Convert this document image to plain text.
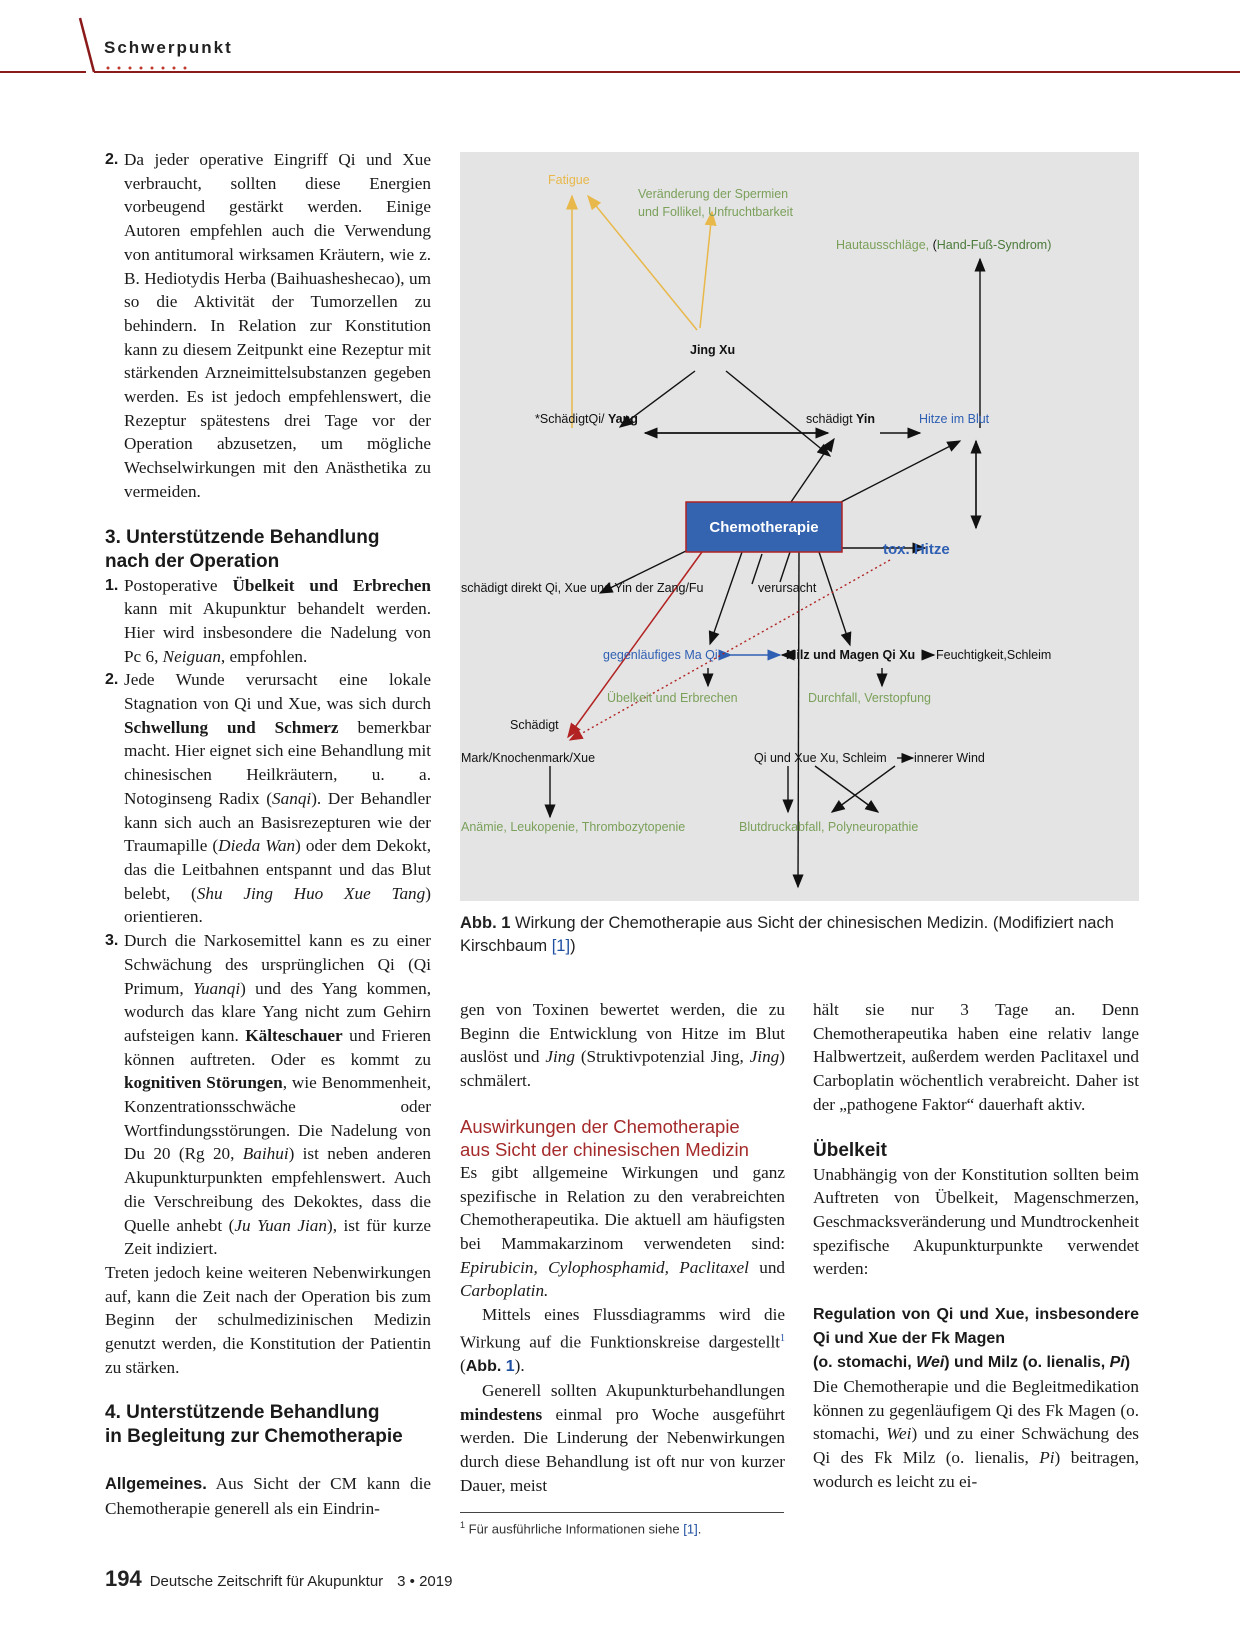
Schwerpunkt
2. Da jeder operative Eingriff Qi und Xue verbraucht, sollten diese Energien vorbeugend gestärkt werden. Einige Autoren empfehlen auch die Verwendung von antitumoral wirksamen Kräutern, wie z. B. Hediotydis Herba (Baihuasheshecao), um so die Aktivität der Tumorzellen zu behindern. In Relation zur Konstitution kann zu diesem Zeitpunkt eine Rezeptur mit stärkenden Arzneimittelsubstanzen gegeben werden. Es ist jedoch empfehlenswert, die Rezeptur spätestens drei Tage vor der Operation abzusetzen, um mögliche Wechselwirkungen mit den Anästhetika zu vermeiden.
3. Unterstützende Behandlung
nach der Operation
1. Postoperative Übelkeit und Erbrechen kann mit Akupunktur behandelt werden. Hier wird insbesondere die Nadelung von Pc 6, Neiguan, empfohlen.
2. Jede Wunde verursacht eine lokale Stagnation von Qi und Xue, was sich durch Schwellung und Schmerz bemerkbar macht. Hier eignet sich eine Behandlung mit chinesischen Heilkräutern, u. a. Notoginseng Radix (Sanqi). Der Behandler kann sich auch an Basisrezepturen wie der Traumapille (Dieda Wan) oder dem Dekokt, das die Leitbahnen entspannt und das Blut belebt, (Shu Jing Huo Xue Tang) orientieren.
3. Durch die Narkosemittel kann es zu einer Schwächung des ursprünglichen Qi (Qi Primum, Yuanqi) und des Yang kommen, wodurch das klare Yang nicht zum Gehirn aufsteigen kann. Kälteschauer und Frieren können auftreten. Oder es kommt zu kognitiven Störungen, wie Benommenheit, Konzentrationsschwäche oder Wortfindungsstörungen. Die Nadelung von Du 20 (Rg 20, Baihui) ist neben anderen Akupunkturpunkten empfehlenswert. Auch die Verschreibung des Dekoktes, dass die Quelle anhebt (Ju Yuan Jian), ist für kurze Zeit indiziert.

Treten jedoch keine weiteren Nebenwirkungen auf, kann die Zeit nach der Operation bis zum Beginn der schulmedizinischen Medizin genutzt werden, die Konstitution der Patientin zu stärken.

4. Unterstützende Behandlung
in Begleitung zur Chemotherapie

Allgemeines. Aus Sicht der CM kann die Chemotherapie generell als ein Eindrin-

Chemotherapie
Fatigue
Veränderung der Spermien
und Follikel, Unfruchtbarkeit
Hautausschläge, (Hand-Fuß-Syndrom)
Jing Xu
*SchädigtQi/ Yang	schädigt Yin	Hitze im Blut
tox. Hitze
schädigt direkt Qi, Xue und Yin der Zang/Fu	verursacht
gegenläufiges Ma Qi	Milz und Magen Qi Xu Feuchtigkeit,Schleim
Übelkeit und Erbrechen	Durchfall, Verstopfung
Schädigt
Mark/Knochenmark/Xue	Qi und Xue Xu, Schleim innerer Wind
Anämie, Leukopenie, Thrombozytopenie	Blutdruckabfall, Polyneuropathie
Abb. 1 Wirkung der Chemotherapie aus Sicht der chinesischen Medizin. (Modifiziert nach Kirschbaum [1])

gen von Toxinen bewertet werden, die zu Beginn die Entwicklung von Hitze im Blut auslöst und Jing (Struktivpotenzial Jing, Jing) schmälert.

Auswirkungen der Chemotherapie
aus Sicht der chinesischen Medizin

Es gibt allgemeine Wirkungen und ganz spezifische in Relation zu den verabreichten Chemotherapeutika. Die aktuell am häufigsten bei Mammakarzinom verwendeten sind: Epirubicin, Cylophosphamid, Paclitaxel und Carboplatin.

Mittels eines Flussdiagramms wird die Wirkung auf die Funktionskreise dargestellt$^1$ (Abb. 1).

Generell sollten Akupunkturbehandlungen mindestens einmal pro Woche ausgeführt werden. Die Linderung der Nebenwirkungen durch diese Behandlung ist oft nur von kurzer Dauer, meist

$^1$ Für ausführliche Informationen siehe [1].

hält sie nur 3 Tage an. Denn Chemotherapeutika haben eine relativ lange Halbwertzeit, außerdem werden Paclitaxel und Carboplatin wöchentlich verabreicht. Daher ist der „pathogene Faktor“ dauerhaft aktiv.

Übelkeit

Unabhängig von der Konstitution sollten beim Auftreten von Übelkeit, Magenschmerzen, Geschmacksveränderung und Mundtrockenheit spezifische Akupunkturpunkte verwendet werden:

Regulation von Qi und Xue, insbesondere Qi und Xue der Fk Magen
(o. stomachi, Wei) und Milz (o. lienalis, Pi)

Die Chemotherapie und die Begleitmedikation können zu gegenläufigem Qi des Fk Magen (o. stomachi, Wei) und zu einer Schwächung des Qi des Fk Milz (o. lienalis, Pi) beitragen, wodurch es leicht zu ei-

194 Deutsche Zeitschrift für Akupunktur 3 • 2019
